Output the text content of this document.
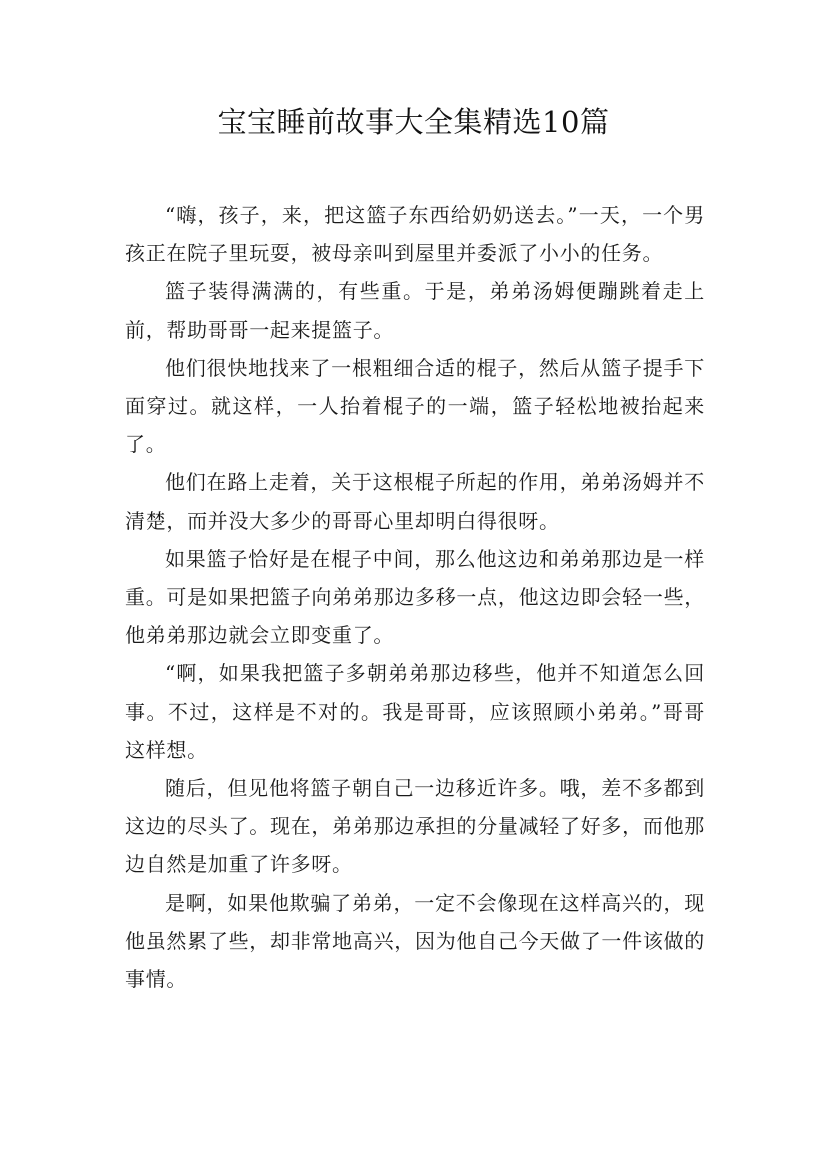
宝宝睡前故事大全集精选10篇

“嗨，孩子，来，把这篮子东西给奶奶送去。”一天，一个男孩正在院子里玩耍，被母亲叫到屋里并委派了小小的任务。

篮子装得满满的，有些重。于是，弟弟汤姆便蹦跳着走上前，帮助哥哥一起来提篮子。

他们很快地找来了一根粗细合适的棍子，然后从篮子提手下面穿过。就这样，一人抬着棍子的一端，篮子轻松地被抬起来了。

他们在路上走着，关于这根棍子所起的作用，弟弟汤姆并不清楚，而并没大多少的哥哥心里却明白得很呀。

如果篮子恰好是在棍子中间，那么他这边和弟弟那边是一样重。可是如果把篮子向弟弟那边多移一点，他这边即会轻一些，他弟弟那边就会立即变重了。

“啊，如果我把篮子多朝弟弟那边移些，他并不知道怎么回事。不过，这样是不对的。我是哥哥，应该照顾小弟弟。”哥哥这样想。

随后，但见他将篮子朝自己一边移近许多。哦，差不多都到这边的尽头了。现在，弟弟那边承担的分量减轻了好多，而他那边自然是加重了许多呀。

是啊，如果他欺骗了弟弟，一定不会像现在这样高兴的，现他虽然累了些，却非常地高兴，因为他自己今天做了一件该做的事情。
